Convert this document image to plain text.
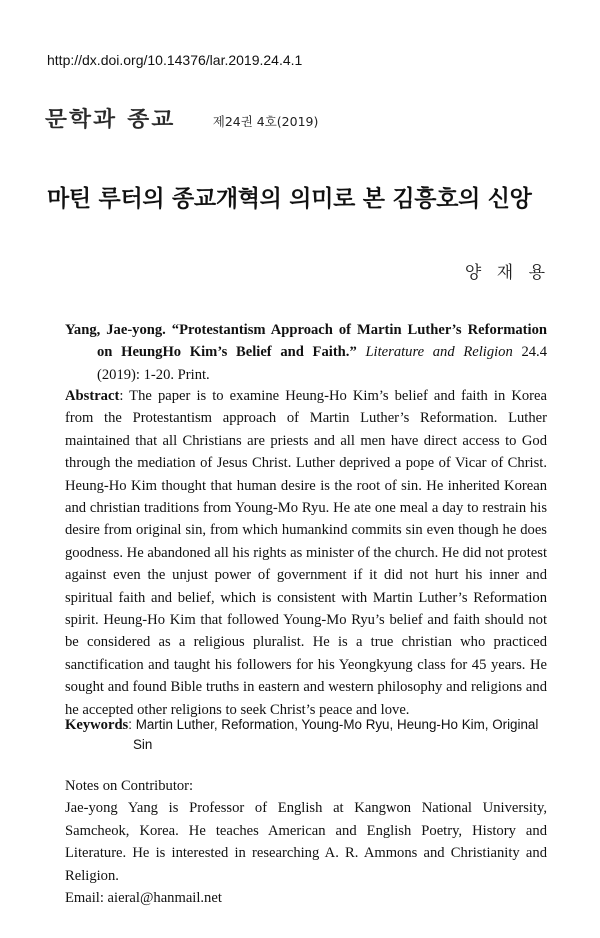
http://dx.doi.org/10.14376/lar.2019.24.4.1
문학과 종교	제24권 4호(2019)
마틴 루터의 종교개혁의 의미로 본 김흥호의 신앙
양 재 용
Yang, Jae-yong. “Protestantism Approach of Martin Luther’s Reformation on HeungHo Kim’s Belief and Faith.” Literature and Religion 24.4 (2019): 1-20. Print.
Abstract: The paper is to examine Heung-Ho Kim’s belief and faith in Korea from the Protestantism approach of Martin Luther’s Reformation. Luther maintained that all Christians are priests and all men have direct access to God through the mediation of Jesus Christ. Luther deprived a pope of Vicar of Christ. Heung-Ho Kim thought that human desire is the root of sin. He inherited Korean and christian traditions from Young-Mo Ryu. He ate one meal a day to restrain his desire from original sin, from which humankind commits sin even though he does goodness. He abandoned all his rights as minister of the church. He did not protest against even the unjust power of government if it did not hurt his inner and spiritual faith and belief, which is consistent with Martin Luther’s Reformation spirit. Heung-Ho Kim that followed Young-Mo Ryu’s belief and faith should not be considered as a religious pluralist. He is a true christian who practiced sanctification and taught his followers for his Yeongkyung class for 45 years. He sought and found Bible truths in eastern and western philosophy and religions and he accepted other religions to seek Christ’s peace and love.
Keywords: Martin Luther, Reformation, Young-Mo Ryu, Heung-Ho Kim, Original
Sin
Notes on Contributor:
Jae-yong Yang is Professor of English at Kangwon National University, Samcheok, Korea. He teaches American and English Poetry, History and Literature. He is interested in researching A. R. Ammons and Christianity and Religion.
Email: aieral@hanmail.net
